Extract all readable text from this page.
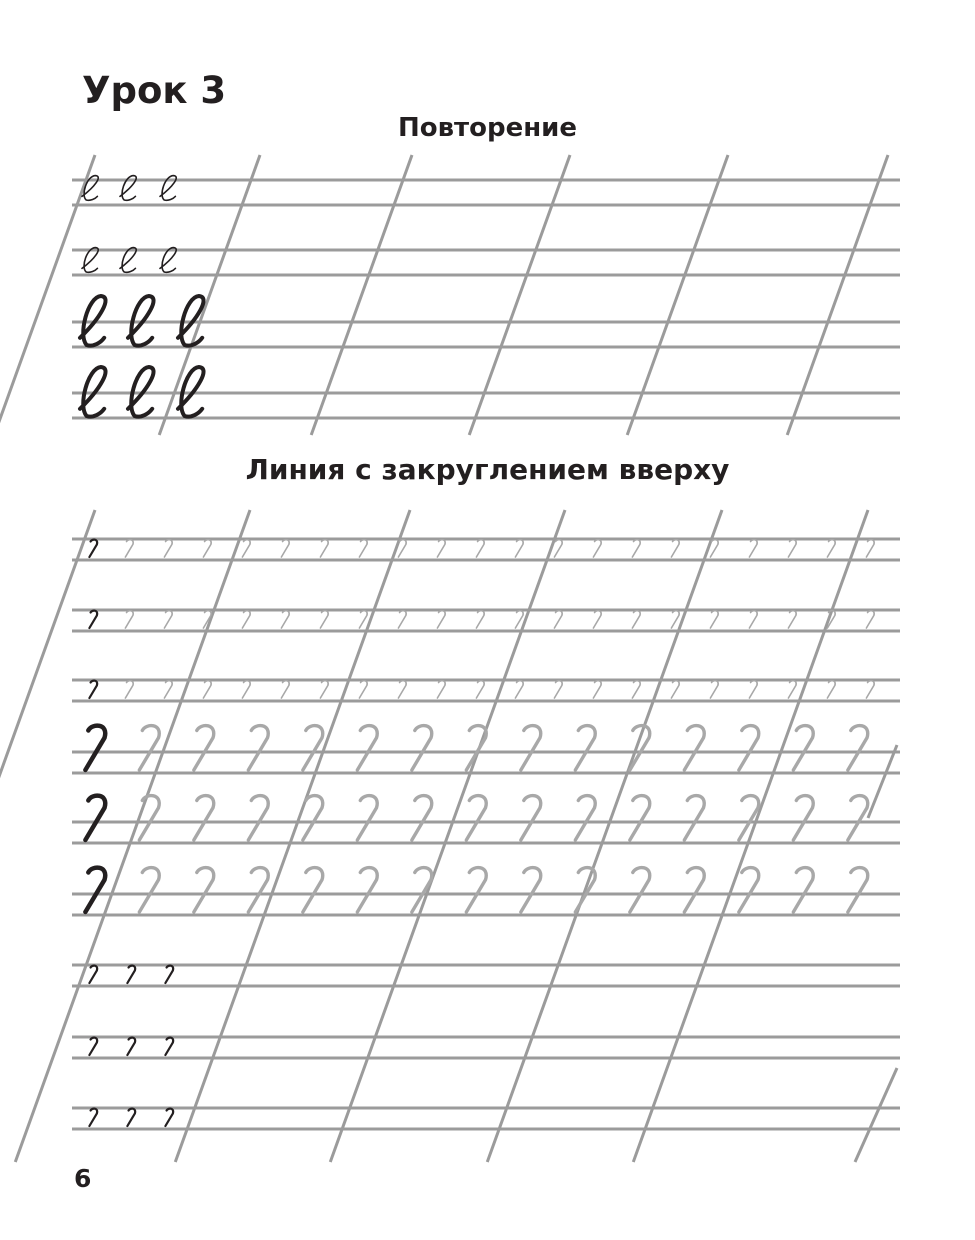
Урок 3
Повторение
Линия с закруглением вверху
6
